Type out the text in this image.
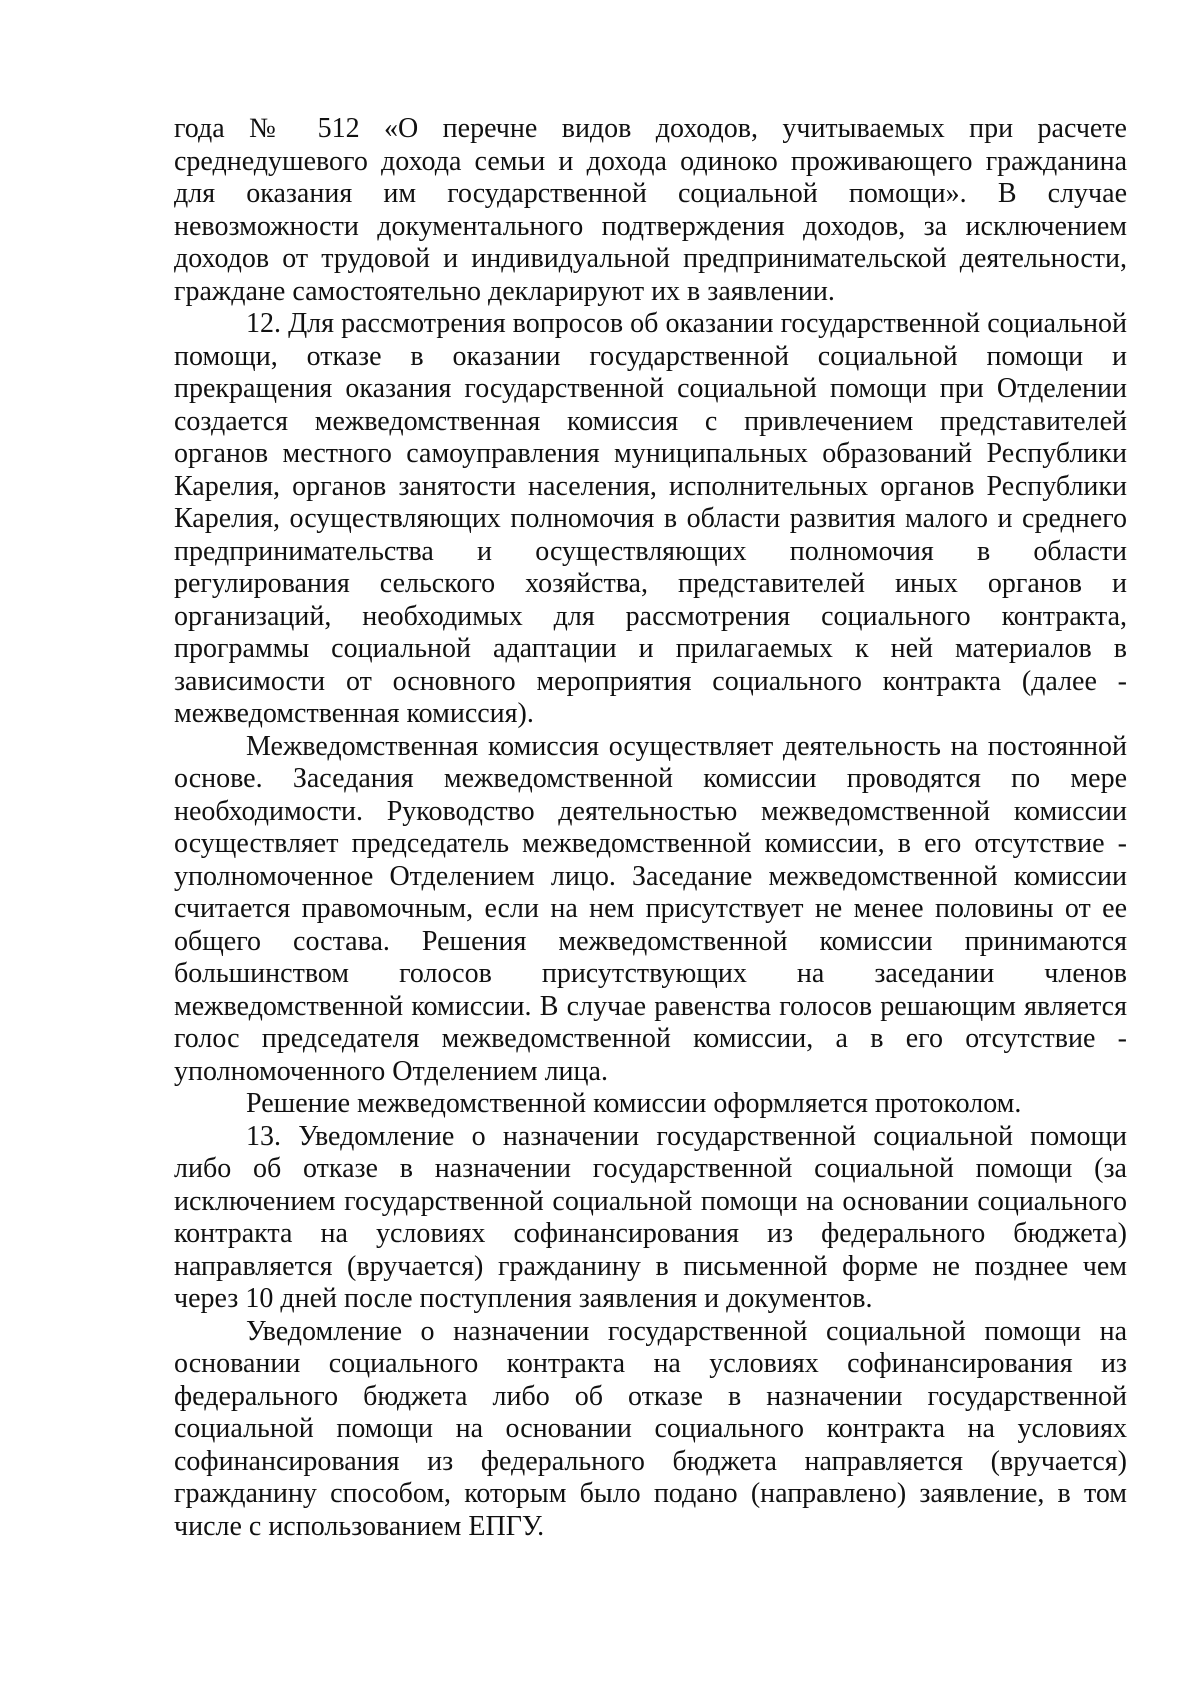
года № 512 «О перечне видов доходов, учитываемых при расчете среднедушевого дохода семьи и дохода одиноко проживающего гражданина для оказания им государственной социальной помощи». В случае невозможности документального подтверждения доходов, за исключением доходов от трудовой и индивидуальной предпринимательской деятельности, граждане самостоятельно декларируют их в заявлении.

12. Для рассмотрения вопросов об оказании государственной социальной помощи, отказе в оказании государственной социальной помощи и прекращения оказания государственной социальной помощи при Отделении создается межведомственная комиссия с привлечением представителей органов местного самоуправления муниципальных образований Республики Карелия, органов занятости населения, исполнительных органов Республики Карелия, осуществляющих полномочия в области развития малого и среднего предпринимательства и осуществляющих полномочия в области регулирования сельского хозяйства, представителей иных органов и организаций, необходимых для рассмотрения социального контракта, программы социальной адаптации и прилагаемых к ней материалов в зависимости от основного мероприятия социального контракта (далее - межведомственная комиссия).

Межведомственная комиссия осуществляет деятельность на постоянной основе. Заседания межведомственной комиссии проводятся по мере необходимости. Руководство деятельностью межведомственной комиссии осуществляет председатель межведомственной комиссии, в его отсутствие - уполномоченное Отделением лицо. Заседание межведомственной комиссии считается правомочным, если на нем присутствует не менее половины от ее общего состава. Решения межведомственной комиссии принимаются большинством голосов присутствующих на заседании членов межведомственной комиссии. В случае равенства голосов решающим является голос председателя межведомственной комиссии, а в его отсутствие - уполномоченного Отделением лица.

Решение межведомственной комиссии оформляется протоколом.

13. Уведомление о назначении государственной социальной помощи либо об отказе в назначении государственной социальной помощи (за исключением государственной социальной помощи на основании социального контракта на условиях софинансирования из федерального бюджета) направляется (вручается) гражданину в письменной форме не позднее чем через 10 дней после поступления заявления и документов.

Уведомление о назначении государственной социальной помощи на основании социального контракта на условиях софинансирования из федерального бюджета либо об отказе в назначении государственной социальной помощи на основании социального контракта на условиях софинансирования из федерального бюджета направляется (вручается) гражданину способом, которым было подано (направлено) заявление, в том числе с использованием ЕПГУ.
